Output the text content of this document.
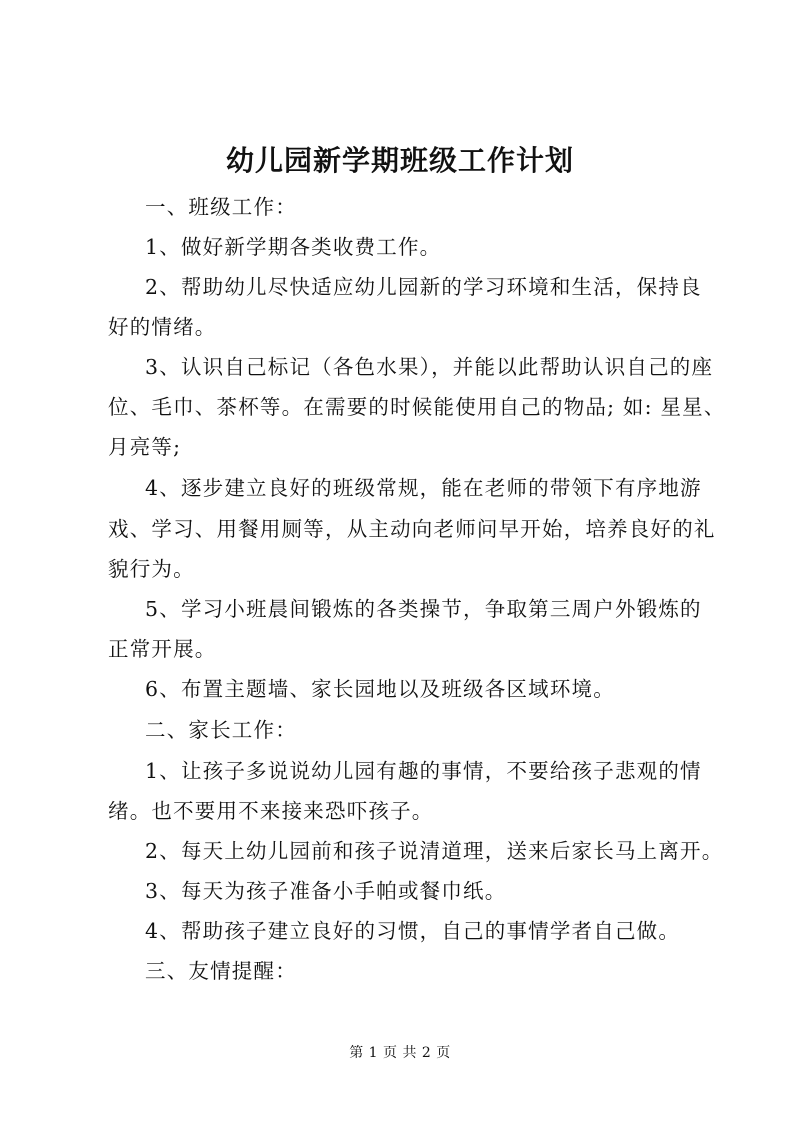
幼儿园新学期班级工作计划
一、班级工作：
1、做好新学期各类收费工作。
2、帮助幼儿尽快适应幼儿园新的学习环境和生活，保持良
好的情绪。
3、认识自己标记（各色水果），并能以此帮助认识自己的座
位、毛巾、茶杯等。在需要的时候能使用自己的物品; 如: 星星、
月亮等;
4、逐步建立良好的班级常规，能在老师的带领下有序地游
戏、学习、用餐用厕等，从主动向老师问早开始，培养良好的礼
貌行为。
5、学习小班晨间锻炼的各类操节，争取第三周户外锻炼的
正常开展。
6、布置主题墙、家长园地以及班级各区域环境。
二、家长工作：
1、让孩子多说说幼儿园有趣的事情，不要给孩子悲观的情
绪。也不要用不来接来恐吓孩子。
2、每天上幼儿园前和孩子说清道理，送来后家长马上离开。
3、每天为孩子准备小手帕或餐巾纸。
4、帮助孩子建立良好的习惯，自己的事情学者自己做。
三、友情提醒：
第 1 页 共 2 页
